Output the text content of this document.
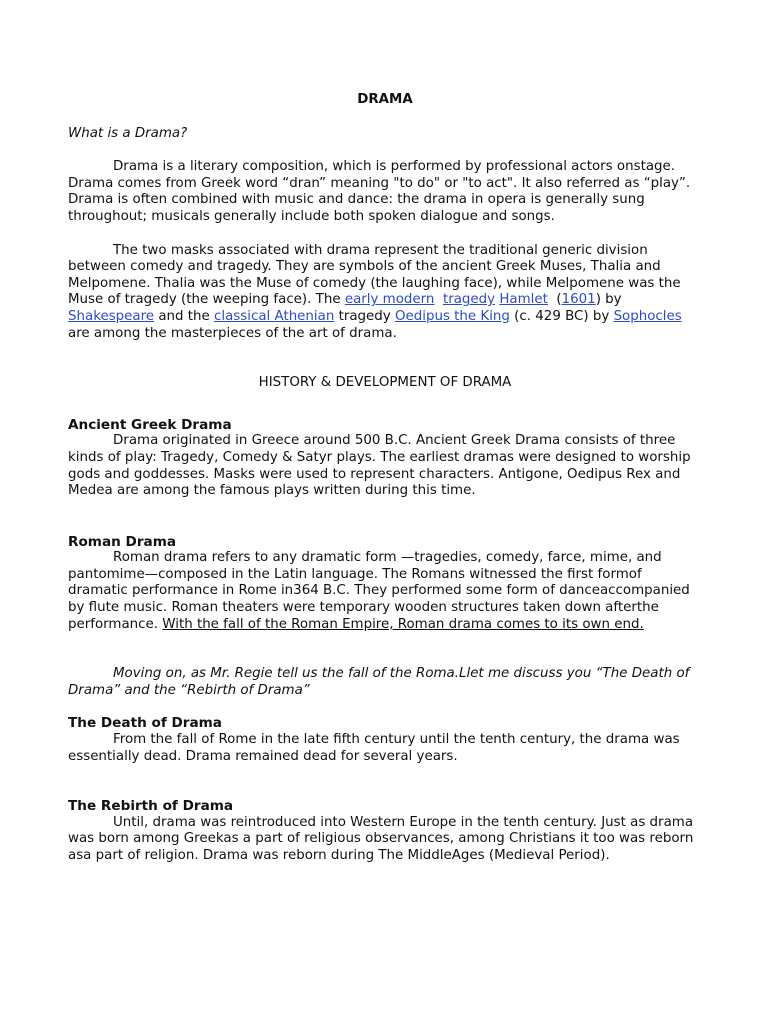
DRAMA

What is a Drama?

Drama is a literary composition, which is performed by professional actors onstage. Drama comes from Greek word “dran” meaning "to do" or "to act". It also referred as “play”. Drama is often combined with music and dance: the drama in opera is generally sung throughout; musicals generally include both spoken dialogue and songs.

The two masks associated with drama represent the traditional generic division between comedy and tragedy. They are symbols of the ancient Greek Muses, Thalia and Melpomene. Thalia was the Muse of comedy (the laughing face), while Melpomene was the Muse of tragedy (the weeping face). The early modern tragedy Hamlet  (1601) by Shakespeare and the classical Athenian tragedy Oedipus the King (c. 429 BC) by Sophocles are among the masterpieces of the art of drama.

HISTORY & DEVELOPMENT OF DRAMA

Ancient Greek Drama

Drama originated in Greece around 500 B.C. Ancient Greek Drama consists of three kinds of play: Tragedy, Comedy & Satyr plays. The earliest dramas were designed to worship gods and goddesses. Masks were used to represent characters. Antigone, Oedipus Rex and Medea are among the famous plays written during this time.

Roman Drama

Roman drama refers to any dramatic form —tragedies, comedy, farce, mime, and pantomime—composed in the Latin language. The Romans witnessed the first formof dramatic performance in Rome in364 B.C. They performed some form of danceaccompanied by flute music. Roman theaters were temporary wooden structures taken down afterthe performance. With the fall of the Roman Empire, Roman drama comes to its own end.

Moving on, as Mr. Regie tell us the fall of the Roma.Llet me discuss you “The Death of Drama” and the “Rebirth of Drama”

The Death of Drama

From the fall of Rome in the late fifth century until the tenth century, the drama was essentially dead. Drama remained dead for several years.

The Rebirth of Drama

Until, drama was reintroduced into Western Europe in the tenth century. Just as drama was born among Greekas a part of religious observances, among Christians it too was reborn asa part of religion. Drama was reborn during The MiddleAges (Medieval Period).
